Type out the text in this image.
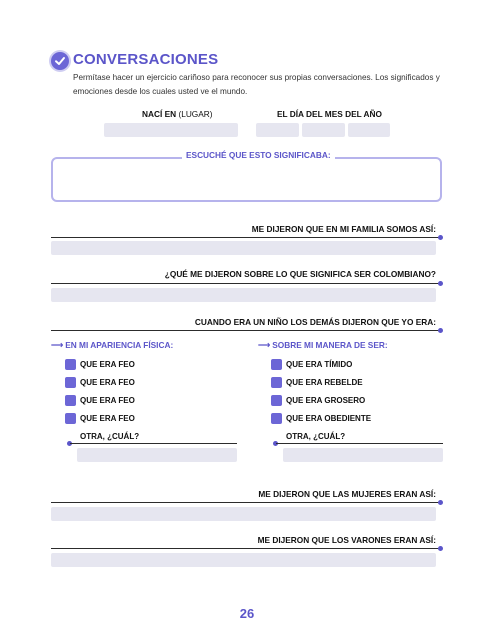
CONVERSACIONES
Permítase hacer un ejercicio cariñoso para reconocer sus propias conversaciones. Los significados y emociones desde los cuales usted ve el mundo.
NACÍ EN (LUGAR)	EL DÍA DEL MES DEL AÑO
ESCUCHÉ QUE ESTO SIGNIFICABA:
ME DIJERON QUE EN MI FAMILIA SOMOS ASÍ:
¿QUÉ ME DIJERON SOBRE LO QUE SIGNIFICA SER COLOMBIANO?
CUANDO ERA UN NIÑO LOS DEMÁS DIJERON QUE YO ERA:
⟶ EN MI APARIENCIA FÍSICA:
QUE ERA FEO
QUE ERA FEO
QUE ERA FEO
QUE ERA FEO
OTRA, ¿CUÁL?
⟶ SOBRE MI MANERA DE SER:
QUE ERA TÍMIDO
QUE ERA REBELDE
QUE ERA GROSERO
QUE ERA OBEDIENTE
OTRA, ¿CUÁL?
ME DIJERON QUE LAS MUJERES ERAN ASÍ:
ME DIJERON QUE LOS VARONES ERAN ASÍ:
26
